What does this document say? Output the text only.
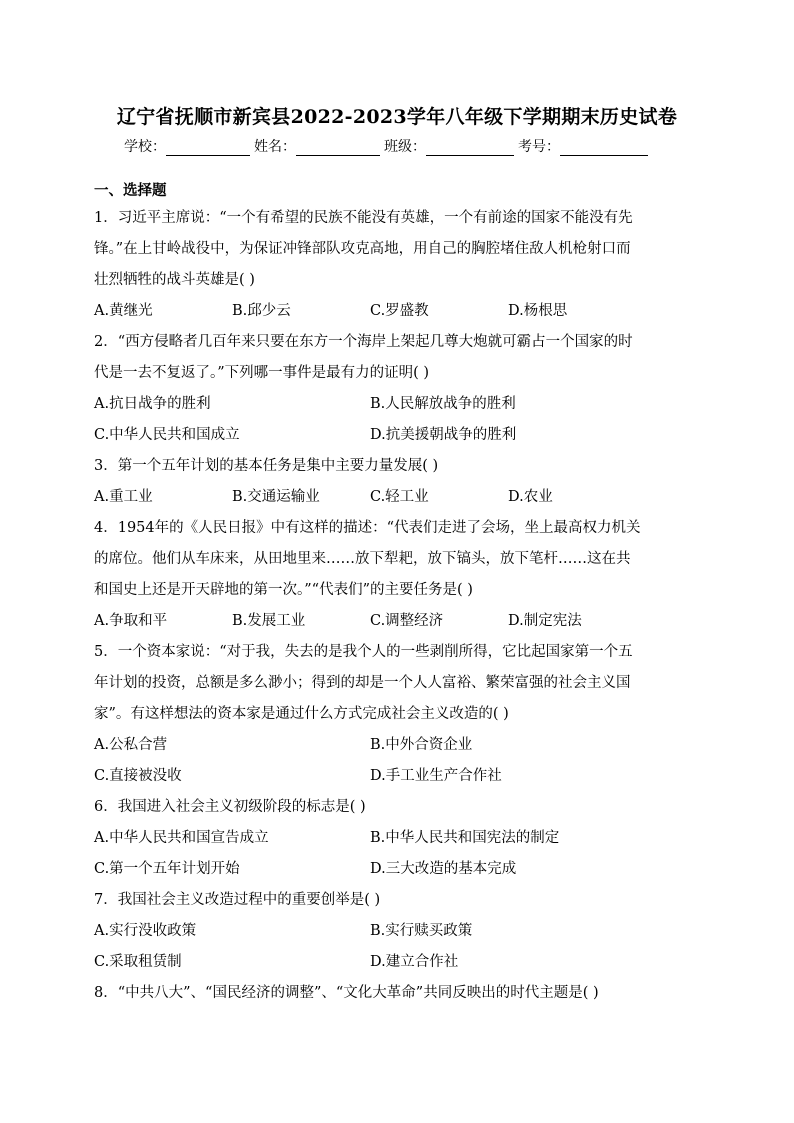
辽宁省抚顺市新宾县2022-2023学年八年级下学期期末历史试卷
学校：	姓名：	班级：	考号：
一、选择题
1．习近平主席说：“一个有希望的民族不能没有英雄，一个有前途的国家不能没有先
锋。”在上甘岭战役中，为保证冲锋部队攻克高地，用自己的胸腔堵住敌人机枪射口而
壮烈牺牲的战斗英雄是( )
A.黄继光	B.邱少云	C.罗盛教	D.杨根思
2．“西方侵略者几百年来只要在东方一个海岸上架起几尊大炮就可霸占一个国家的时
代是一去不复返了。”下列哪一事件是最有力的证明( )
A.抗日战争的胜利	B.人民解放战争的胜利
C.中华人民共和国成立	D.抗美援朝战争的胜利
3．第一个五年计划的基本任务是集中主要力量发展( )
A.重工业	B.交通运输业	C.轻工业	D.农业
4．1954年的《人民日报》中有这样的描述：“代表们走进了会场，坐上最高权力机关
的席位。他们从车床来，从田地里来……放下犁耙，放下镐头，放下笔杆……这在共
和国史上还是开天辟地的第一次。”“代表们”的主要任务是( )
A.争取和平	B.发展工业	C.调整经济	D.制定宪法
5．一个资本家说：“对于我，失去的是我个人的一些剥削所得，它比起国家第一个五
年计划的投资，总额是多么渺小；得到的却是一个人人富裕、繁荣富强的社会主义国
家”。有这样想法的资本家是通过什么方式完成社会主义改造的( )
A.公私合营	B.中外合资企业
C.直接被没收	D.手工业生产合作社
6．我国进入社会主义初级阶段的标志是( )
A.中华人民共和国宣告成立	B.中华人民共和国宪法的制定
C.第一个五年计划开始	D.三大改造的基本完成
7．我国社会主义改造过程中的重要创举是( )
A.实行没收政策	B.实行赎买政策
C.采取租赁制	D.建立合作社
8．“中共八大”、“国民经济的调整”、“文化大革命”共同反映出的时代主题是( )
